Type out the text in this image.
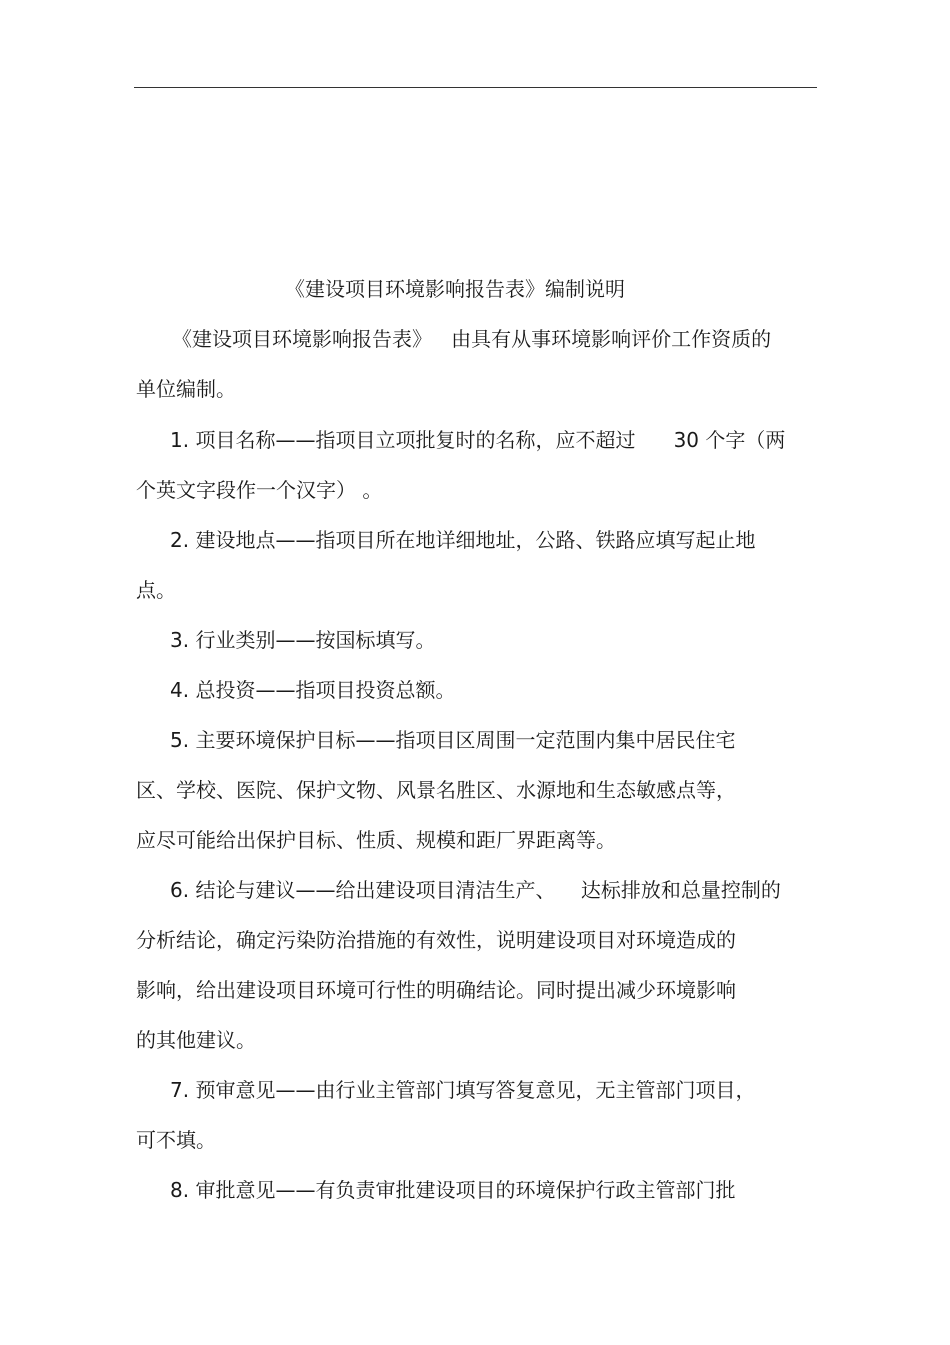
《建设项目环境影响报告表》编制说明
《建设项目环境影响报告表》   由具有从事环境影响评价工作资质的
单位编制。
1. 项目名称——指项目立项批复时的名称，应不超过      30 个字（两
个英文字段作一个汉字） 。
2. 建设地点——指项目所在地详细地址，公路、铁路应填写起止地
点。
3. 行业类别——按国标填写。
4. 总投资——指项目投资总额。
5. 主要环境保护目标——指项目区周围一定范围内集中居民住宅
区、学校、医院、保护文物、风景名胜区、水源地和生态敏感点等，
应尽可能给出保护目标、性质、规模和距厂界距离等。
6. 结论与建议——给出建设项目清洁生产、    达标排放和总量控制的
分析结论，确定污染防治措施的有效性，说明建设项目对环境造成的
影响，给出建设项目环境可行性的明确结论。同时提出减少环境影响
的其他建议。
7. 预审意见——由行业主管部门填写答复意见，无主管部门项目，
可不填。
8. 审批意见——有负责审批建设项目的环境保护行政主管部门批
